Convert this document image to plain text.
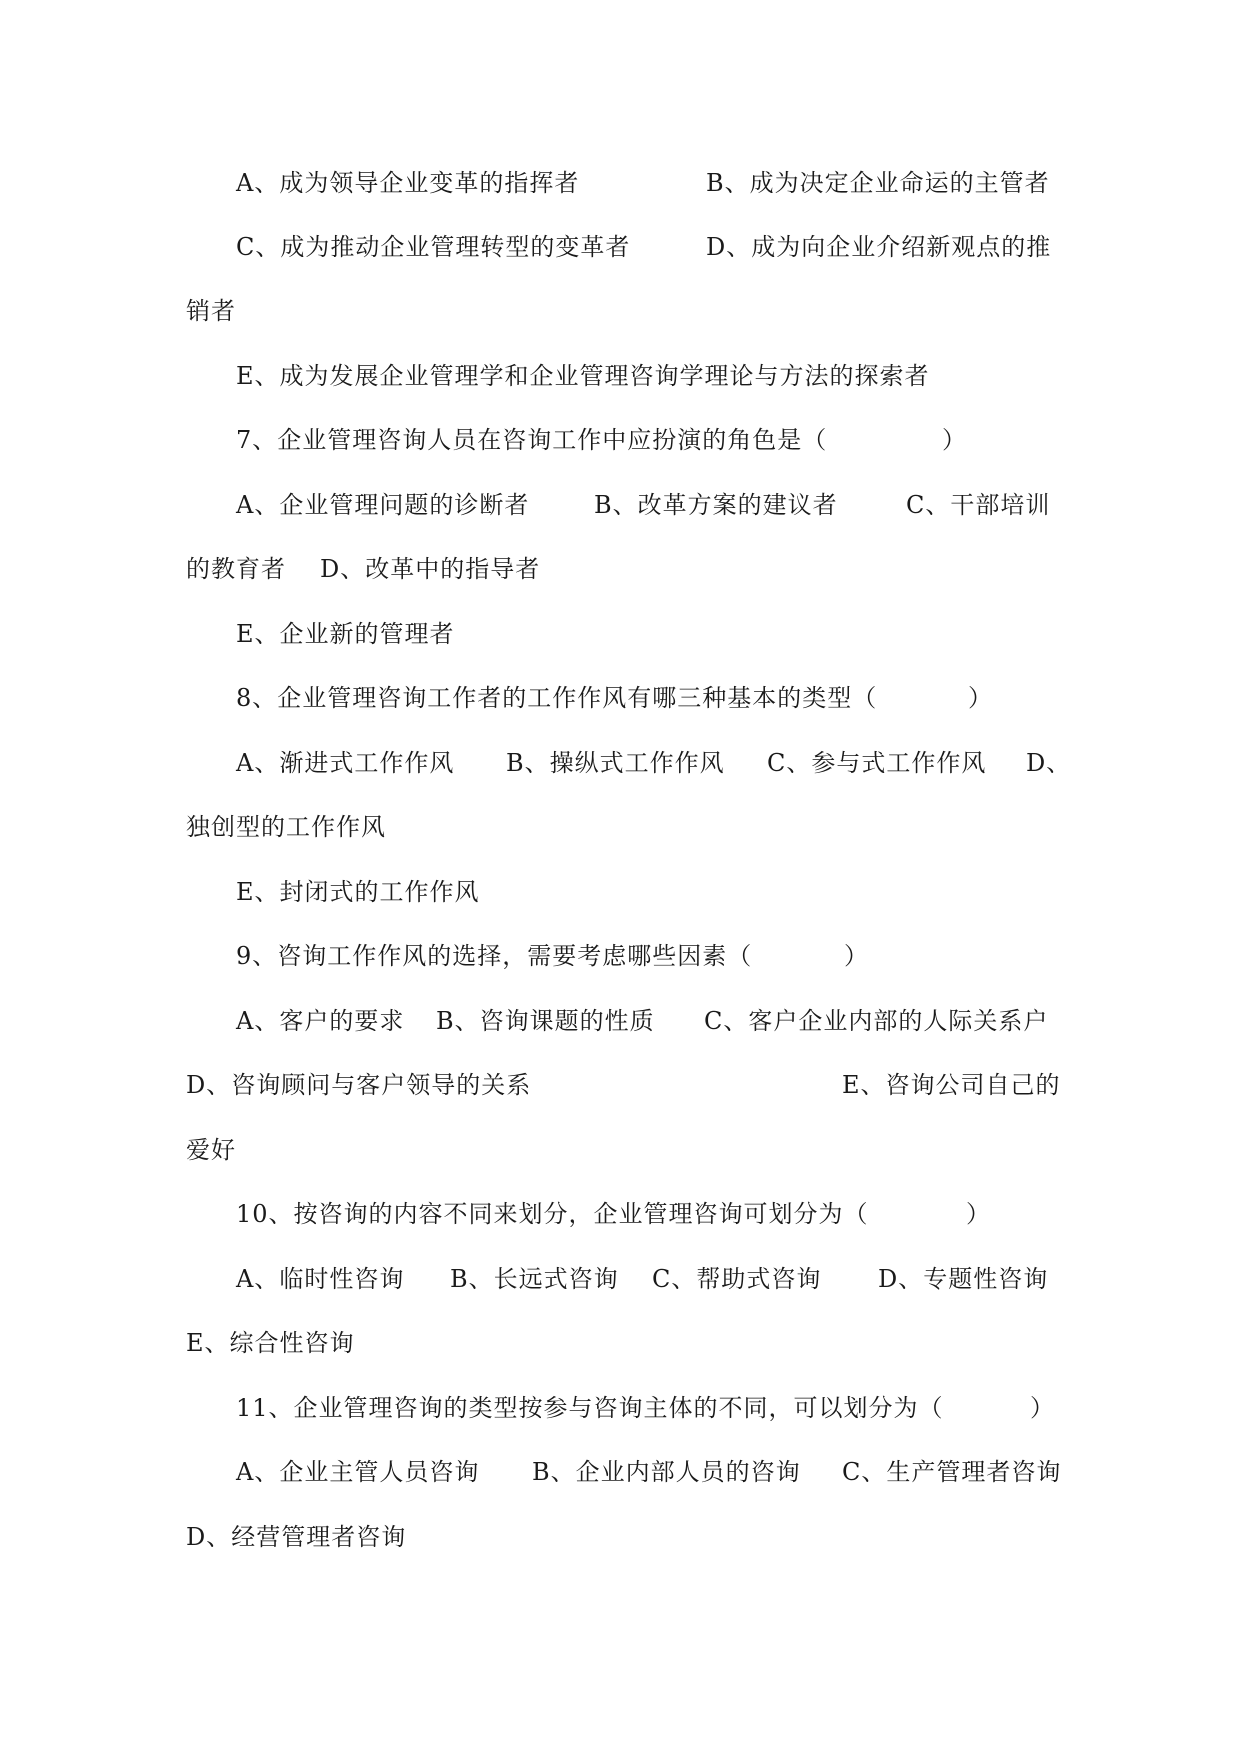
A、成为领导企业变革的指挥者	B、成为决定企业命运的主管者
C、成为推动企业管理转型的变革者	D、成为向企业介绍新观点的推
销者
E、成为发展企业管理学和企业管理咨询学理论与方法的探索者
7、企业管理咨询人员在咨询工作中应扮演的角色是（	）
A、企业管理问题的诊断者	B、改革方案的建议者	C、干部培训
的教育者 D、改革中的指导者
E、企业新的管理者
8、企业管理咨询工作者的工作作风有哪三种基本的类型（	）
A、渐进式工作作风 B、操纵式工作作风 C、参与式工作作风 D、
独创型的工作作风
E、封闭式的工作作风
9、咨询工作作风的选择，需要考虑哪些因素（	）
A、客户的要求 B、咨询课题的性质 C、客户企业内部的人际关系户
D、咨询顾问与客户领导的关系	E、咨询公司自己的
爱好
10、按咨询的内容不同来划分，企业管理咨询可划分为（	）
A、临时性咨询 B、长远式咨询 C、帮助式咨询 D、专题性咨询
E、综合性咨询
11、企业管理咨询的类型按参与咨询主体的不同，可以划分为（	）
A、企业主管人员咨询 B、企业内部人员的咨询 C、生产管理者咨询
D、经营管理者咨询
